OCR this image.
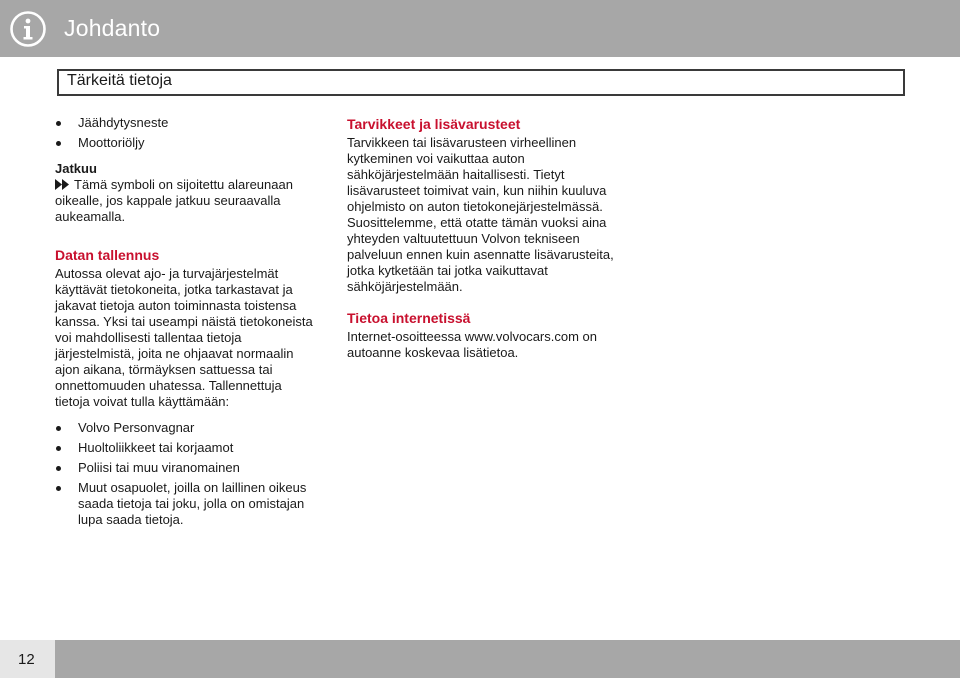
Johdanto
Tärkeitä tietoja
Jäähdytysneste
Moottoriöljy
Jatkuu

Tämä symboli on sijoitettu alareunaan oikealle, jos kappale jatkuu seuraavalla aukeamalla.

Datan tallennus

Autossa olevat ajo- ja turvajärjestelmät käyttävät tietokoneita, jotka tarkastavat ja jakavat tietoja auton toiminnasta toistensa kanssa. Yksi tai useampi näistä tietokoneista voi mahdollisesti tallentaa tietoja järjestelmistä, joita ne ohjaavat normaalin ajon aikana, törmäyksen sattuessa tai onnettomuuden uhatessa. Tallennettuja tietoja voivat tulla käyttämään:

Volvo Personvagnar
Huoltoliikkeet tai korjaamot
Poliisi tai muu viranomainen
Muut osapuolet, joilla on laillinen oikeus saada tietoja tai joku, jolla on omistajan lupa saada tietoja.
Tarvikkeet ja lisävarusteet

Tarvikkeen tai lisävarusteen virheellinen kytkeminen voi vaikuttaa auton sähköjärjestelmään haitallisesti. Tietyt lisävarusteet toimivat vain, kun niihin kuuluva ohjelmisto on auton tietokonejärjestelmässä. Suosittelemme, että otatte tämän vuoksi aina yhteyden valtuutettuun Volvon tekniseen palveluun ennen kuin asennatte lisävarusteita, jotka kytketään tai jotka vaikuttavat sähköjärjestelmään.

Tietoa internetissä

Internet-osoitteessa www.volvocars.com on autoanne koskevaa lisätietoa.

12
